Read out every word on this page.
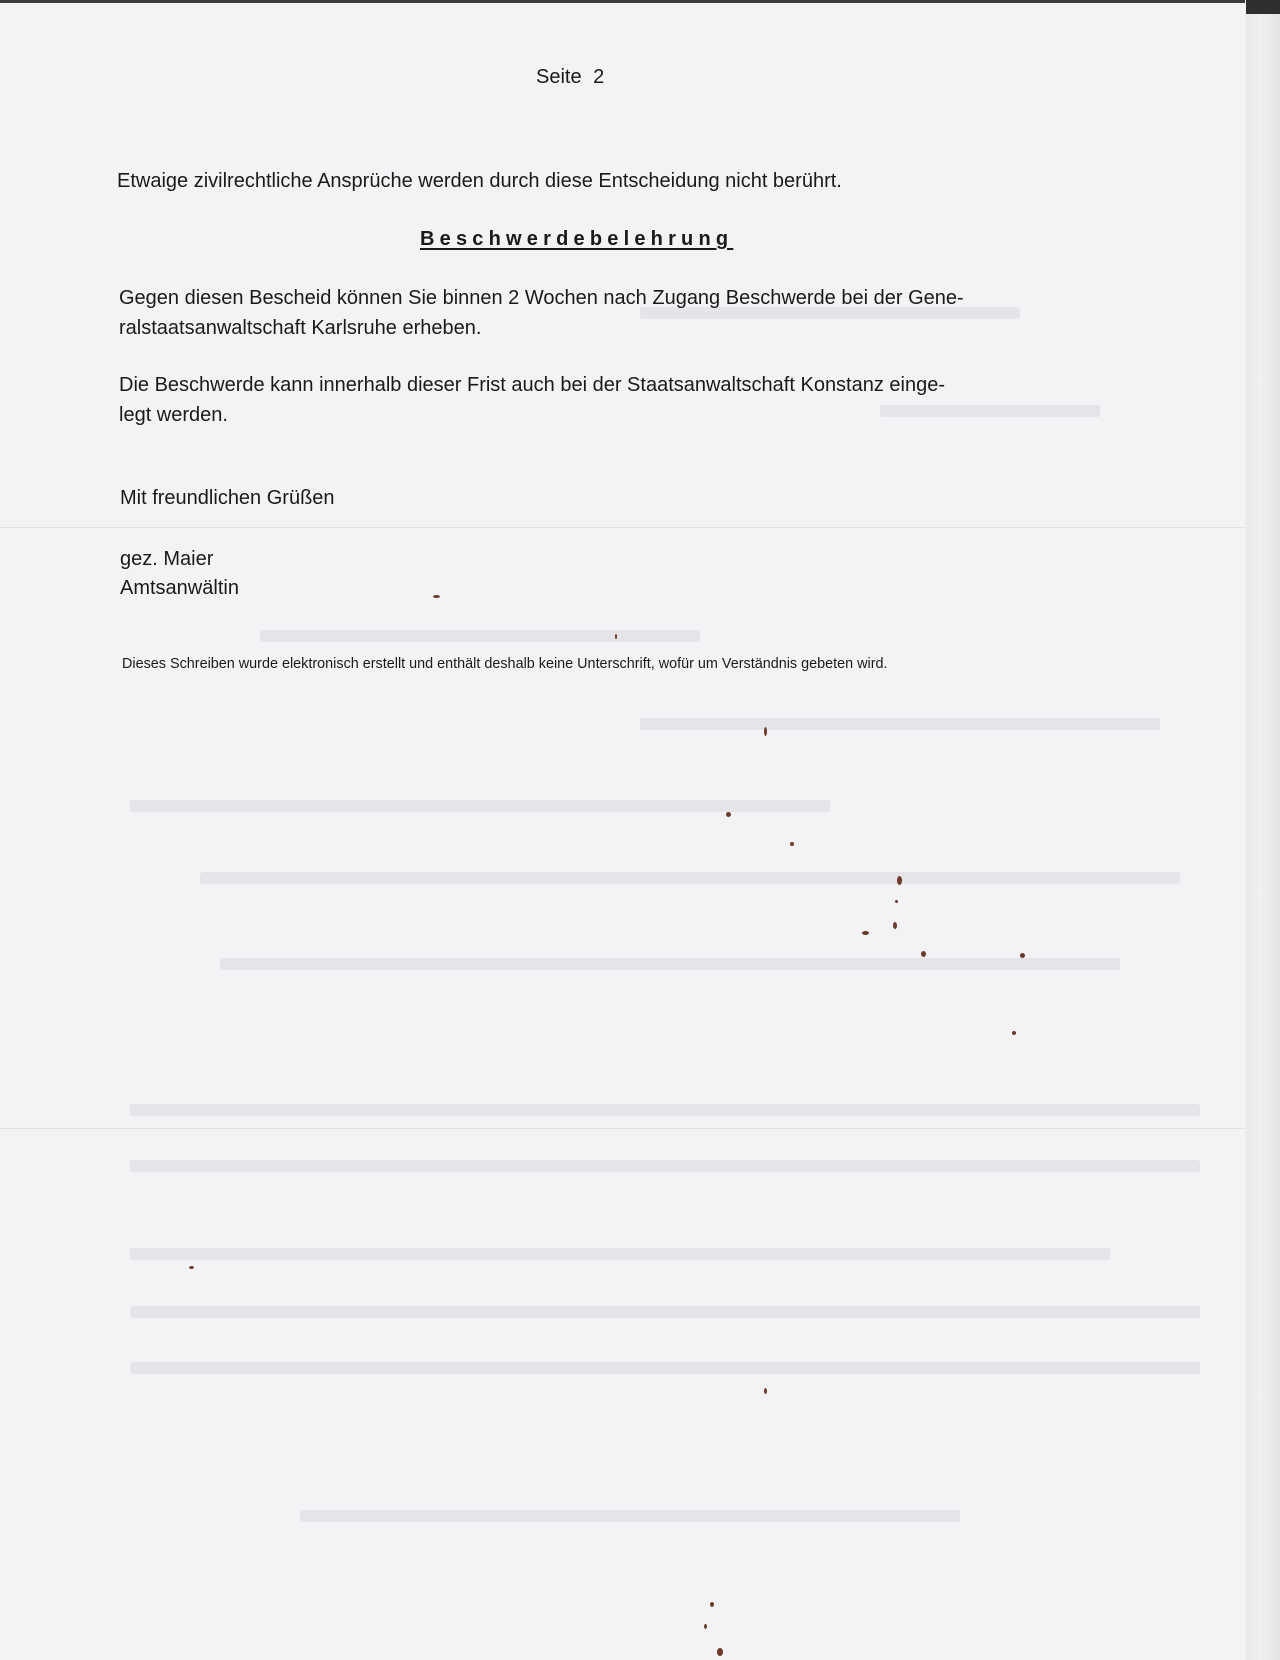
Seite 2
Etwaige zivilrechtliche Ansprüche werden durch diese Entscheidung nicht berührt.
Beschwerdebelehrung
Gegen diesen Bescheid können Sie binnen 2 Wochen nach Zugang Beschwerde bei der Gene-
ralstaatsanwaltschaft Karlsruhe erheben.
Die Beschwerde kann innerhalb dieser Frist auch bei der Staatsanwaltschaft Konstanz einge-
legt werden.
Mit freundlichen Grüßen
gez. Maier
Amtsanwältin
Dieses Schreiben wurde elektronisch erstellt und enthält deshalb keine Unterschrift, wofür um Verständnis gebeten wird.
